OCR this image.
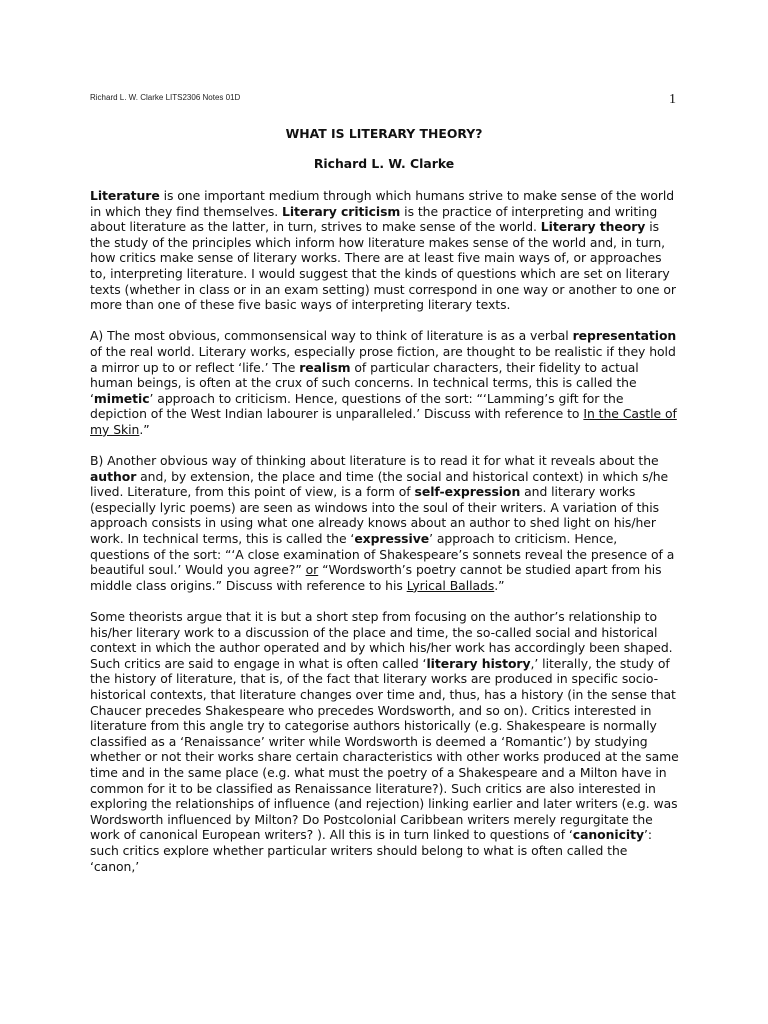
Richard L. W. Clarke LITS2306 Notes 01D	1
WHAT IS LITERARY THEORY?
Richard L. W. Clarke

Literature is one important medium through which humans strive to make sense of the world in which they find themselves. Literary criticism is the practice of interpreting and writing about literature as the latter, in turn, strives to make sense of the world. Literary theory is the study of the principles which inform how literature makes sense of the world and, in turn, how critics make sense of literary works. There are at least five main ways of, or approaches to, interpreting literature. I would suggest that the kinds of questions which are set on literary texts (whether in class or in an exam setting) must correspond in one way or another to one or more than one of these five basic ways of interpreting literary texts.

A) The most obvious, commonsensical way to think of literature is as a verbal representation of the real world. Literary works, especially prose fiction, are thought to be realistic if they hold a mirror up to or reflect ‘life.’ The realism of particular characters, their fidelity to actual human beings, is often at the crux of such concerns. In technical terms, this is called the ‘mimetic’ approach to criticism. Hence, questions of the sort: “‘Lamming’s gift for the depiction of the West Indian labourer is unparalleled.’ Discuss with reference to In the Castle of my Skin.”

B) Another obvious way of thinking about literature is to read it for what it reveals about the author and, by extension, the place and time (the social and historical context) in which s/he lived. Literature, from this point of view, is a form of self-expression and literary works (especially lyric poems) are seen as windows into the soul of their writers. A variation of this approach consists in using what one already knows about an author to shed light on his/her work. In technical terms, this is called the ‘expressive’ approach to criticism. Hence, questions of the sort: “‘A close examination of Shakespeare’s sonnets reveal the presence of a beautiful soul.’ Would you agree?” or “Wordsworth’s poetry cannot be studied apart from his middle class origins.” Discuss with reference to his Lyrical Ballads.”

Some theorists argue that it is but a short step from focusing on the author’s relationship to his/her literary work to a discussion of the place and time, the so-called social and historical context in which the author operated and by which his/her work has accordingly been shaped. Such critics are said to engage in what is often called ‘literary history,’ literally, the study of the history of literature, that is, of the fact that literary works are produced in specific socio-historical contexts, that literature changes over time and, thus, has a history (in the sense that Chaucer precedes Shakespeare who precedes Wordsworth, and so on). Critics interested in literature from this angle try to categorise authors historically (e.g. Shakespeare is normally classified as a ‘Renaissance’ writer while Wordsworth is deemed a ‘Romantic’) by studying whether or not their works share certain characteristics with other works produced at the same time and in the same place (e.g. what must the poetry of a Shakespeare and a Milton have in common for it to be classified as Renaissance literature?). Such critics are also interested in exploring the relationships of influence (and rejection) linking earlier and later writers (e.g. was Wordsworth influenced by Milton? Do Postcolonial Caribbean writers merely regurgitate the work of canonical European writers? ). All this is in turn linked to questions of ‘canonicity’: such critics explore whether particular writers should belong to what is often called the ‘canon,’
